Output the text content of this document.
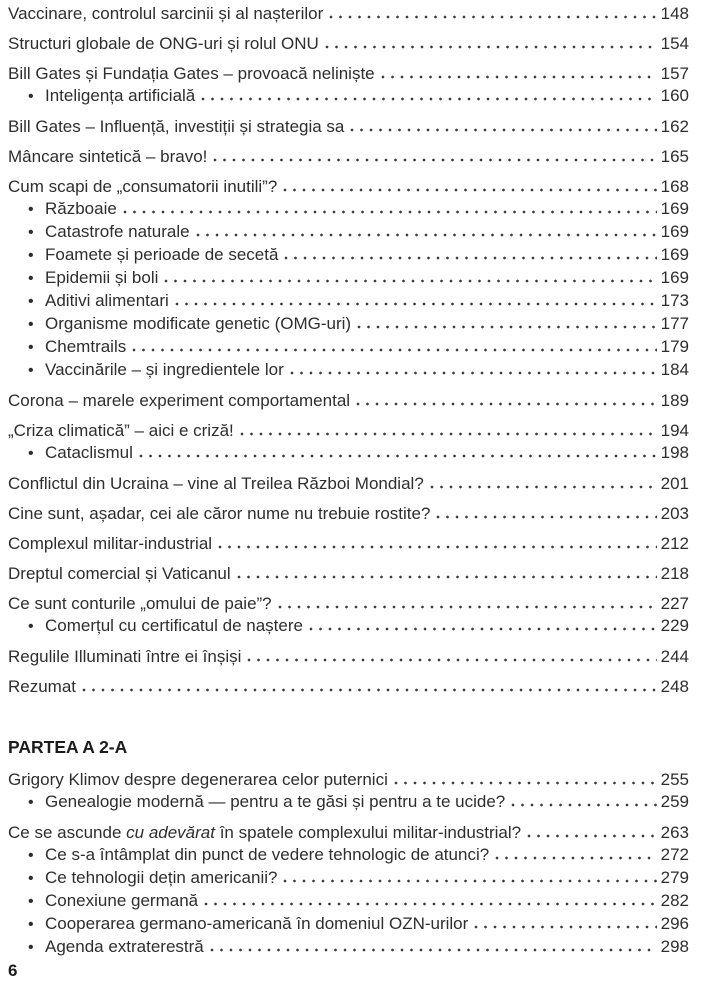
Vaccinare, controlul sarcinii și al nașterilor	148
Structuri globale de ONG-uri și rolul ONU	154
Bill Gates și Fundația Gates – provoacă neliniște	157
• Inteligența artificială	160
Bill Gates – Influență, investiții și strategia sa	162
Mâncare sintetică – bravo!	165
Cum scapi de „consumatorii inutili”?	168
• Războaie	169
• Catastrofe naturale	169
• Foamete și perioade de secetă	169
• Epidemii și boli	169
• Aditivi alimentari	173
• Organisme modificate genetic (OMG-uri)	177
• Chemtrails	179
• Vaccinările – și ingredientele lor	184
Corona – marele experiment comportamental	189
„Criza climatică” – aici e criză!	194
• Cataclismul	198
Conflictul din Ucraina – vine al Treilea Război Mondial?	201
Cine sunt, așadar, cei ale căror nume nu trebuie rostite?	203
Complexul militar-industrial	212
Dreptul comercial și Vaticanul	218
Ce sunt conturile „omului de paie”?	227
• Comerțul cu certificatul de naștere	229
Regulile Illuminati între ei înșiși	244
Rezumat	248
PARTEA A 2-A
Grigory Klimov despre degenerarea celor puternici	255
• Genealogie modernă — pentru a te găsi și pentru a te ucide?	259
Ce se ascunde cu adevărat în spatele complexului militar-industrial?	263
• Ce s-a întâmplat din punct de vedere tehnologic de atunci?	272
• Ce tehnologii dețin americanii?	279
• Conexiune germană	282
• Cooperarea germano-americană în domeniul OZN-urilor	296
• Agenda extraterestră	298
6
